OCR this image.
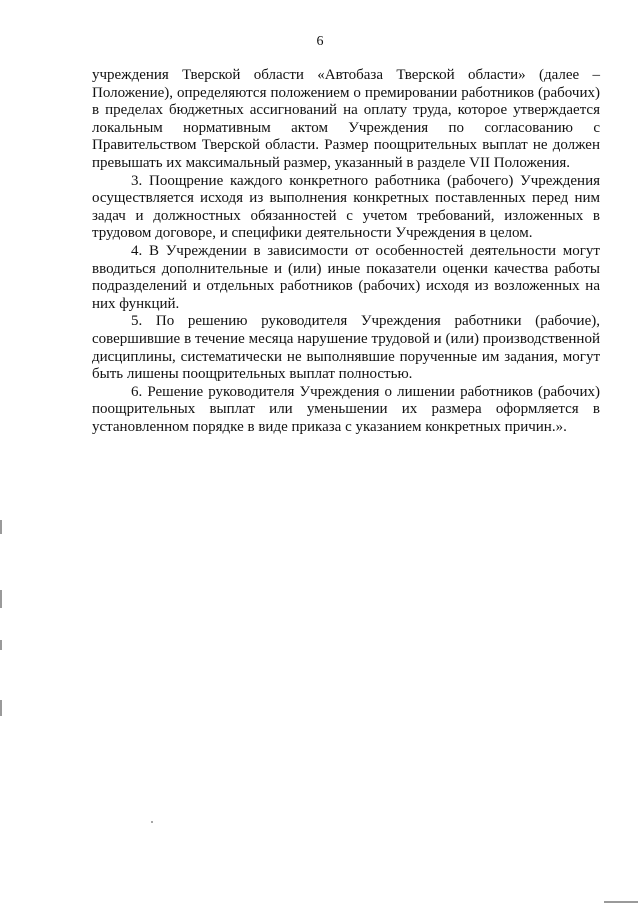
6

учреждения Тверской области «Автобаза Тверской области» (далее – Положение), определяются положением о премировании работников (рабочих) в пределах бюджетных ассигнований на оплату труда, которое утверждается локальным нормативным актом Учреждения по согласованию с Правительством Тверской области. Размер поощрительных выплат не должен превышать их максимальный размер, указанный в разделе VII Положения.

3. Поощрение каждого конкретного работника (рабочего) Учреждения осуществляется исходя из выполнения конкретных поставленных перед ним задач и должностных обязанностей с учетом требований, изложенных в трудовом договоре, и специфики деятельности Учреждения в целом.

4. В Учреждении в зависимости от особенностей деятельности могут вводиться дополнительные и (или) иные показатели оценки качества работы подразделений и отдельных работников (рабочих) исходя из возложенных на них функций.

5. По решению руководителя Учреждения работники (рабочие), совершившие в течение месяца нарушение трудовой и (или) производственной дисциплины, систематически не выполнявшие порученные им задания, могут быть лишены поощрительных выплат полностью.

6. Решение руководителя Учреждения о лишении работников (рабочих) поощрительных выплат или уменьшении их размера оформляется в установленном порядке в виде приказа с указанием конкретных причин.».
